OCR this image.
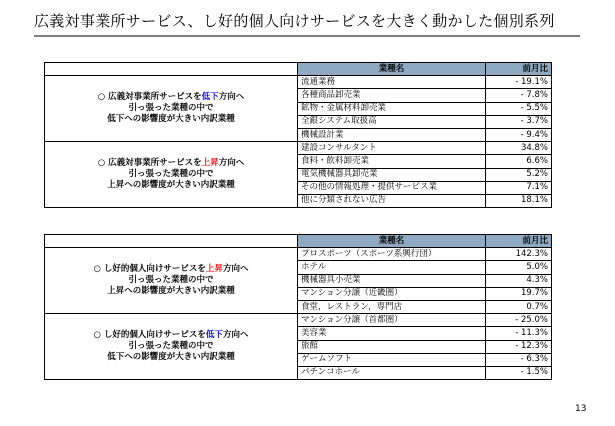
広義対事業所サービス、し好的個人向けサービスを大きく動かした個別系列
	業種名	前月比

○ 広義対事業所サービスを低下方向へ
引っ張った業種の中で
低下への影響度が大きい内訳業種	流通業務	- 19.1%
	各種商品卸売業	- 7.8%
	鉱物・金属材料卸売業	- 5.5%
	全銀システム取扱高	- 3.7%
	機械設計業	- 9.4%

○ 広義対事業所サービスを上昇方向へ
引っ張った業種の中で
上昇への影響度が大きい内訳業種	建設コンサルタント	34.8%
	食料・飲料卸売業	6.6%
	電気機械器具卸売業	5.2%
	その他の情報処理・提供サービス業	7.1%
	他に分類されない広告	18.1%
	業種名	前月比

○ し好的個人向けサービスを上昇方向へ
引っ張った業種の中で
上昇への影響度が大きい内訳業種	プロスポーツ（スポーツ系興行団）	142.3%
	ホテル	5.0%
	機械器具小売業	4.3%
	マンション分譲（近畿圏）	19.7%
	食堂，レストラン，専門店	0.7%

○ し好的個人向けサービスを低下方向へ
引っ張った業種の中で
低下への影響度が大きい内訳業種	マンション分譲（首都圏）	- 25.0%
	美容業	- 11.3%
	旅館	- 12.3%
	ゲームソフト	- 6.3%
	パチンコホール	- 1.5%
13
